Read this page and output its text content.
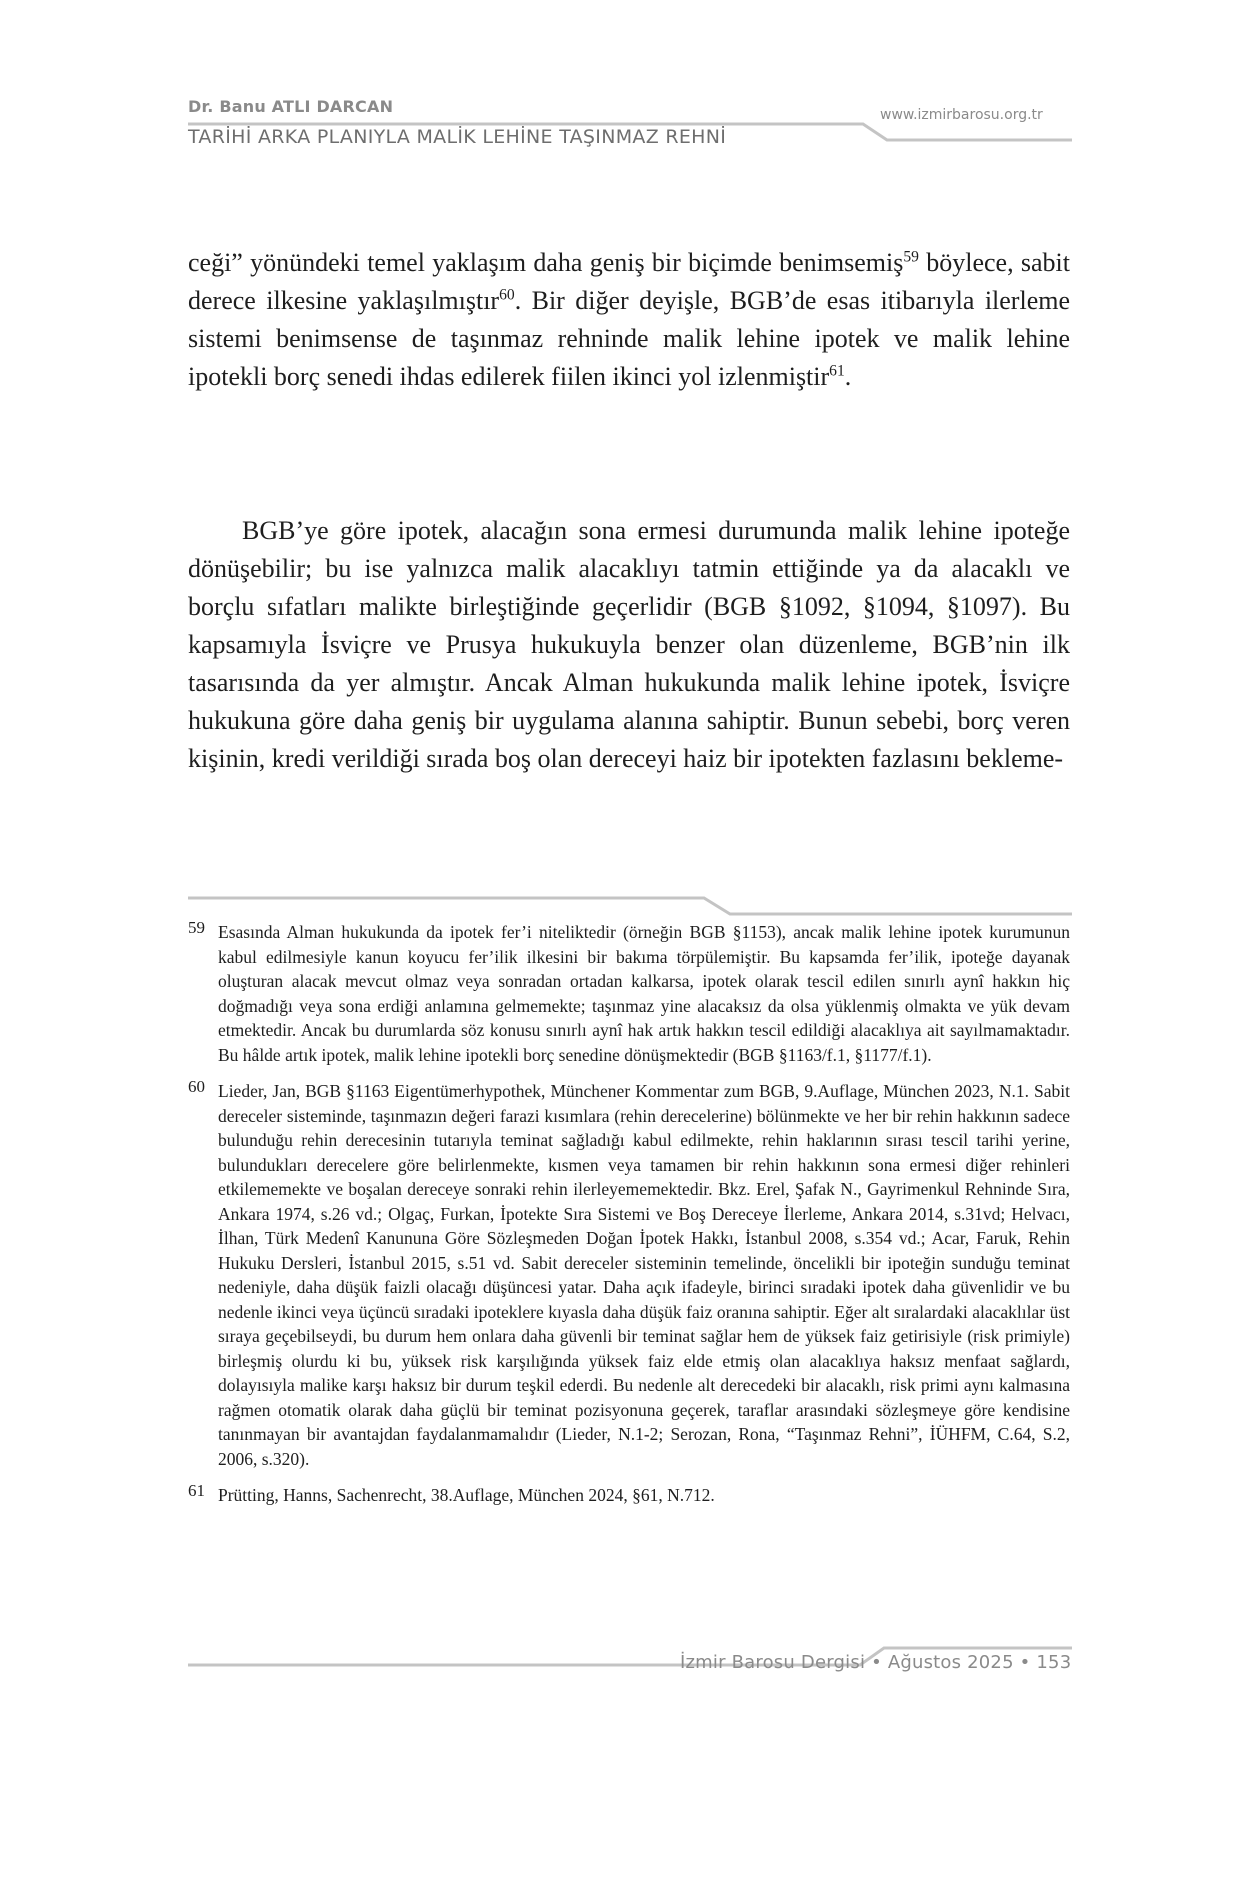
Dr. Banu ATLI DARCAN
TARİHİ ARKA PLANIYLA MALİK LEHİNE TAŞINMAZ REHNİ
www.izmirbarosu.org.tr

ceği” yönündeki temel yaklaşım daha geniş bir biçimde benimsemiş$^{59}$ böylece, sabit derece ilkesine yaklaşılmıştır$^{60}$. Bir diğer deyişle, BGB’de esas itibarıyla ilerleme sistemi benimsense de taşınmaz rehninde malik lehine ipotek ve malik lehine ipotekli borç senedi ihdas edilerek fiilen ikinci yol izlenmiştir$^{61}$.

BGB’ye göre ipotek, alacağın sona ermesi durumunda malik lehine ipoteğe dönüşebilir; bu ise yalnızca malik alacaklıyı tatmin ettiğinde ya da alacaklı ve borçlu sıfatları malikte birleştiğinde geçerlidir (BGB §1092, §1094, §1097). Bu kapsamıyla İsviçre ve Prusya hukukuyla benzer olan düzenleme, BGB’nin ilk tasarısında da yer almıştır. Ancak Alman hukukunda malik lehine ipotek, İsviçre hukukuna göre daha geniş bir uygulama alanına sahiptir. Bunun sebebi, borç veren kişinin, kredi verildiği sırada boş olan dereceyi haiz bir ipotekten fazlasını bekleme-

59 Esasında Alman hukukunda da ipotek fer’i niteliktedir (örneğin BGB §1153), ancak malik lehine ipotek kurumunun kabul edilmesiyle kanun koyucu fer’ilik ilkesini bir bakıma törpülemiştir. Bu kapsamda fer’ilik, ipoteğe dayanak oluşturan alacak mevcut olmaz veya sonradan ortadan kalkarsa, ipotek olarak tescil edilen sınırlı aynî hakkın hiç doğmadığı veya sona erdiği anlamına gelmemekte; taşınmaz yine alacaksız da olsa yüklenmiş olmakta ve yük devam etmektedir. Ancak bu durumlarda söz konusu sınırlı aynî hak artık hakkın tescil edildiği alacaklıya ait sayılmamaktadır. Bu hâlde artık ipotek, malik lehine ipotekli borç senedine dönüşmektedir (BGB §1163/f.1, §1177/f.1).
60 Lieder, Jan, BGB §1163 Eigentümerhypothek, Münchener Kommentar zum BGB, 9.Auflage, München 2023, N.1. Sabit dereceler sisteminde, taşınmazın değeri farazi kısımlara (rehin derecelerine) bölünmekte ve her bir rehin hakkının sadece bulunduğu rehin derecesinin tutarıyla teminat sağladığı kabul edilmekte, rehin haklarının sırası tescil tarihi yerine, bulundukları derecelere göre belirlenmekte, kısmen veya tamamen bir rehin hakkının sona ermesi diğer rehinleri etkilememekte ve boşalan dereceye sonraki rehin ilerleyememektedir. Bkz. Erel, Şafak N., Gayrimenkul Rehninde Sıra, Ankara 1974, s.26 vd.; Olgaç, Furkan, İpotekte Sıra Sistemi ve Boş Dereceye İlerleme, Ankara 2014, s.31vd; Helvacı, İlhan, Türk Medenî Kanununa Göre Sözleşmeden Doğan İpotek Hakkı, İstanbul 2008, s.354 vd.; Acar, Faruk, Rehin Hukuku Dersleri, İstanbul 2015, s.51 vd. Sabit dereceler sisteminin temelinde, öncelikli bir ipoteğin sunduğu teminat nedeniyle, daha düşük faizli olacağı düşüncesi yatar. Daha açık ifadeyle, birinci sıradaki ipotek daha güvenlidir ve bu nedenle ikinci veya üçüncü sıradaki ipoteklere kıyasla daha düşük faiz oranına sahiptir. Eğer alt sıralardaki alacaklılar üst sıraya geçebilseydi, bu durum hem onlara daha güvenli bir teminat sağlar hem de yüksek faiz getirisiyle (risk primiyle) birleşmiş olurdu ki bu, yüksek risk karşılığında yüksek faiz elde etmiş olan alacaklıya haksız menfaat sağlardı, dolayısıyla malike karşı haksız bir durum teşkil ederdi. Bu nedenle alt derecedeki bir alacaklı, risk primi aynı kalmasına rağmen otomatik olarak daha güçlü bir teminat pozisyonuna geçerek, taraflar arasındaki sözleşmeye göre kendisine tanınmayan bir avantajdan faydalanmamalıdır (Lieder, N.1-2; Serozan, Rona, “Taşınmaz Rehni”, İÜHFM, C.64, S.2, 2006, s.320).
61 Prütting, Hanns, Sachenrecht, 38.Auflage, München 2024, §61, N.712.
İzmir Barosu Dergisi • Ağustos 2025 • 153
